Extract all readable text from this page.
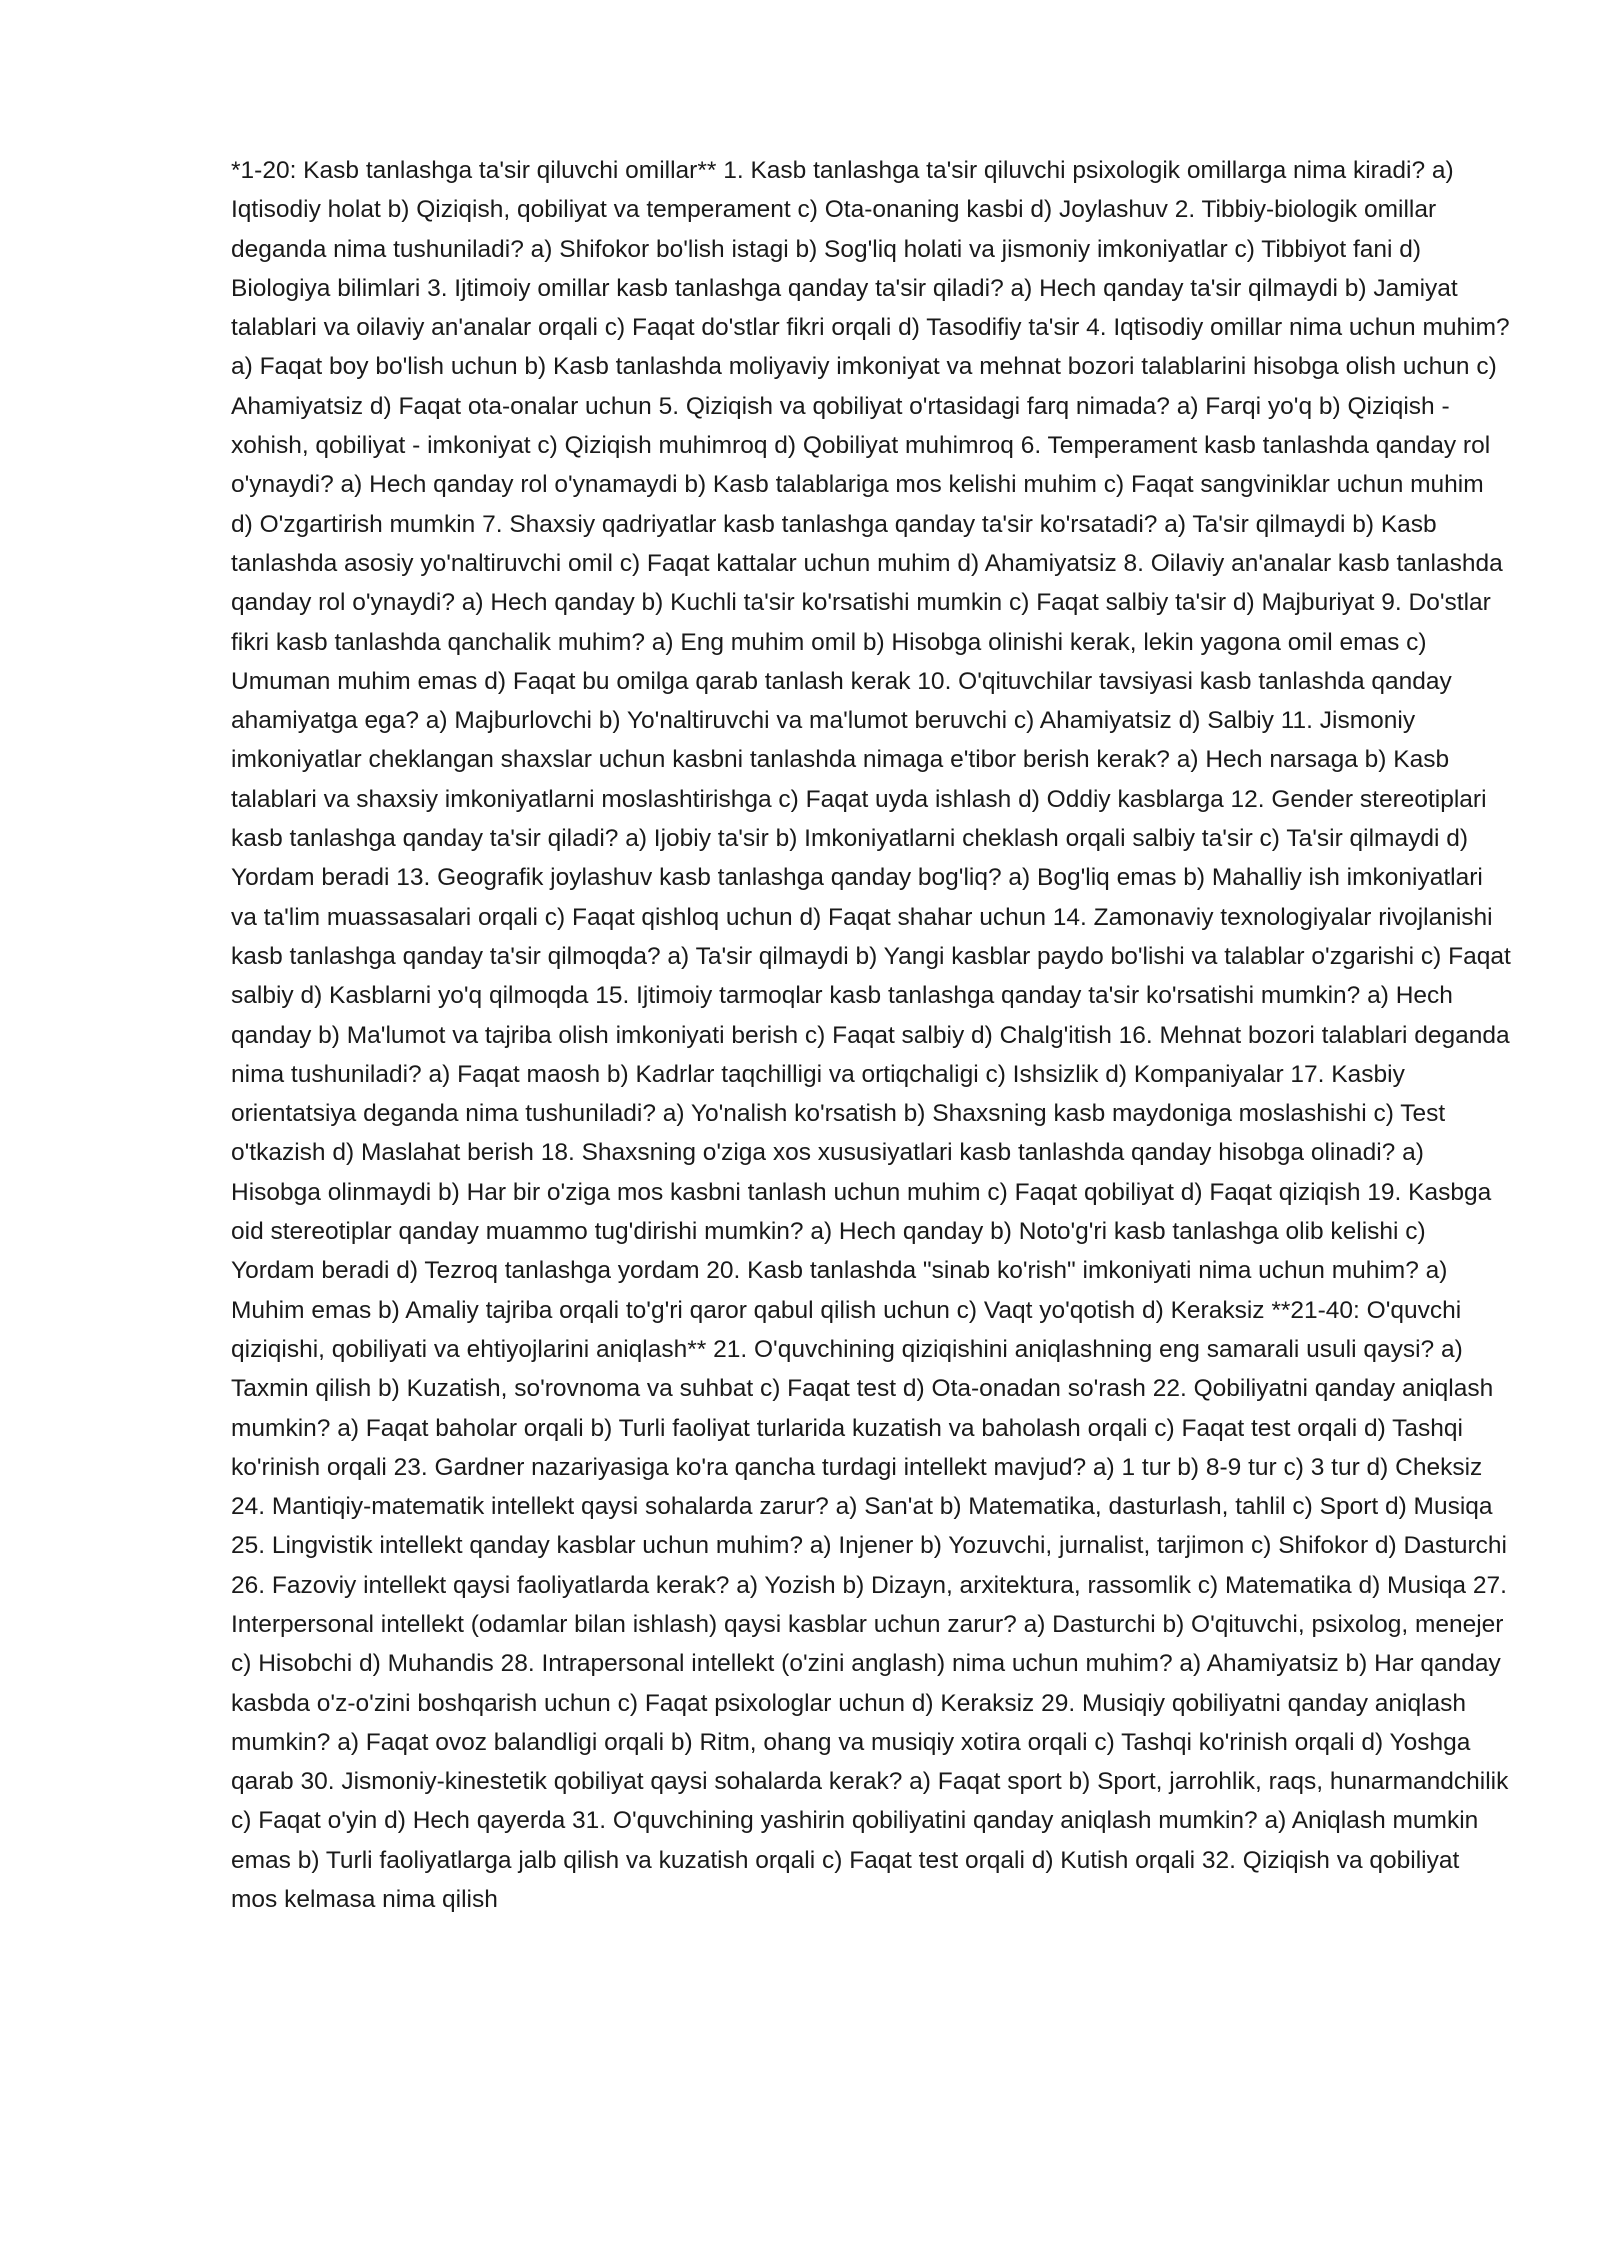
*1-20: Kasb tanlashga ta'sir qiluvchi omillar** 1. Kasb tanlashga ta'sir qiluvchi psixologik omillarga nima kiradi? a) Iqtisodiy holat b) Qiziqish, qobiliyat va temperament c) Ota-onaning kasbi d) Joylashuv 2. Tibbiy-biologik omillar deganda nima tushuniladi? a) Shifokor bo'lish istagi b) Sog'liq holati va jismoniy imkoniyatlar c) Tibbiyot fani d) Biologiya bilimlari 3. Ijtimoiy omillar kasb tanlashga qanday ta'sir qiladi? a) Hech qanday ta'sir qilmaydi b) Jamiyat talablari va oilaviy an'analar orqali c) Faqat do'stlar fikri orqali d) Tasodifiy ta'sir 4. Iqtisodiy omillar nima uchun muhim? a) Faqat boy bo'lish uchun b) Kasb tanlashda moliyaviy imkoniyat va mehnat bozori talablarini hisobga olish uchun c) Ahamiyatsiz d) Faqat ota-onalar uchun 5. Qiziqish va qobiliyat o'rtasidagi farq nimada? a) Farqi yo'q b) Qiziqish - xohish, qobiliyat - imkoniyat c) Qiziqish muhimroq d) Qobiliyat muhimroq 6. Temperament kasb tanlashda qanday rol o'ynaydi? a) Hech qanday rol o'ynamaydi b) Kasb talablariga mos kelishi muhim c) Faqat sangviniklar uchun muhim d) O'zgartirish mumkin 7. Shaxsiy qadriyatlar kasb tanlashga qanday ta'sir ko'rsatadi? a) Ta'sir qilmaydi b) Kasb tanlashda asosiy yo'naltiruvchi omil c) Faqat kattalar uchun muhim d) Ahamiyatsiz 8. Oilaviy an'analar kasb tanlashda qanday rol o'ynaydi? a) Hech qanday b) Kuchli ta'sir ko'rsatishi mumkin c) Faqat salbiy ta'sir d) Majburiyat 9. Do'stlar fikri kasb tanlashda qanchalik muhim? a) Eng muhim omil b) Hisobga olinishi kerak, lekin yagona omil emas c) Umuman muhim emas d) Faqat bu omilga qarab tanlash kerak 10. O'qituvchilar tavsiyasi kasb tanlashda qanday ahamiyatga ega? a) Majburlovchi b) Yo'naltiruvchi va ma'lumot beruvchi c) Ahamiyatsiz d) Salbiy 11. Jismoniy imkoniyatlar cheklangan shaxslar uchun kasbni tanlashda nimaga e'tibor berish kerak? a) Hech narsaga b) Kasb talablari va shaxsiy imkoniyatlarni moslashtirishga c) Faqat uyda ishlash d) Oddiy kasblarga 12. Gender stereotiplari kasb tanlashga qanday ta'sir qiladi? a) Ijobiy ta'sir b) Imkoniyatlarni cheklash orqali salbiy ta'sir c) Ta'sir qilmaydi d) Yordam beradi 13. Geografik joylashuv kasb tanlashga qanday bog'liq? a) Bog'liq emas b) Mahalliy ish imkoniyatlari va ta'lim muassasalari orqali c) Faqat qishloq uchun d) Faqat shahar uchun 14. Zamonaviy texnologiyalar rivojlanishi kasb tanlashga qanday ta'sir qilmoqda? a) Ta'sir qilmaydi b) Yangi kasblar paydo bo'lishi va talablar o'zgarishi c) Faqat salbiy d) Kasblarni yo'q qilmoqda 15. Ijtimoiy tarmoqlar kasb tanlashga qanday ta'sir ko'rsatishi mumkin? a) Hech qanday b) Ma'lumot va tajriba olish imkoniyati berish c) Faqat salbiy d) Chalg'itish 16. Mehnat bozori talablari deganda nima tushuniladi? a) Faqat maosh b) Kadrlar taqchilligi va ortiqchaligi c) Ishsizlik d) Kompaniyalar 17. Kasbiy orientatsiya deganda nima tushuniladi? a) Yo'nalish ko'rsatish b) Shaxsning kasb maydoniga moslashishi c) Test o'tkazish d) Maslahat berish 18. Shaxsning o'ziga xos xususiyatlari kasb tanlashda qanday hisobga olinadi? a) Hisobga olinmaydi b) Har bir o'ziga mos kasbni tanlash uchun muhim c) Faqat qobiliyat d) Faqat qiziqish 19. Kasbga oid stereotiplar qanday muammo tug'dirishi mumkin? a) Hech qanday b) Noto'g'ri kasb tanlashga olib kelishi c) Yordam beradi d) Tezroq tanlashga yordam 20. Kasb tanlashda "sinab ko'rish" imkoniyati nima uchun muhim? a) Muhim emas b) Amaliy tajriba orqali to'g'ri qaror qabul qilish uchun c) Vaqt yo'qotish d) Keraksiz **21-40: O'quvchi qiziqishi, qobiliyati va ehtiyojlarini aniqlash** 21. O'quvchining qiziqishini aniqlashning eng samarali usuli qaysi? a) Taxmin qilish b) Kuzatish, so'rovnoma va suhbat c) Faqat test d) Ota-onadan so'rash 22. Qobiliyatni qanday aniqlash mumkin? a) Faqat baholar orqali b) Turli faoliyat turlarida kuzatish va baholash orqali c) Faqat test orqali d) Tashqi ko'rinish orqali 23. Gardner nazariyasiga ko'ra qancha turdagi intellekt mavjud? a) 1 tur b) 8-9 tur c) 3 tur d) Cheksiz 24. Mantiqiy-matematik intellekt qaysi sohalarda zarur? a) San'at b) Matematika, dasturlash, tahlil c) Sport d) Musiqa 25. Lingvistik intellekt qanday kasblar uchun muhim? a) Injener b) Yozuvchi, jurnalist, tarjimon c) Shifokor d) Dasturchi 26. Fazoviy intellekt qaysi faoliyatlarda kerak? a) Yozish b) Dizayn, arxitektura, rassomlik c) Matematika d) Musiqa 27. Interpersonal intellekt (odamlar bilan ishlash) qaysi kasblar uchun zarur? a) Dasturchi b) O'qituvchi, psixolog, menejer c) Hisobchi d) Muhandis 28. Intrapersonal intellekt (o'zini anglash) nima uchun muhim? a) Ahamiyatsiz b) Har qanday kasbda o'z-o'zini boshqarish uchun c) Faqat psixologlar uchun d) Keraksiz 29. Musiqiy qobiliyatni qanday aniqlash mumkin? a) Faqat ovoz balandligi orqali b) Ritm, ohang va musiqiy xotira orqali c) Tashqi ko'rinish orqali d) Yoshga qarab 30. Jismoniy-kinestetik qobiliyat qaysi sohalarda kerak? a) Faqat sport b) Sport, jarrohlik, raqs, hunarmandchilik c) Faqat o'yin d) Hech qayerda 31. O'quvchining yashirin qobiliyatini qanday aniqlash mumkin? a) Aniqlash mumkin emas b) Turli faoliyatlarga jalb qilish va kuzatish orqali c) Faqat test orqali d) Kutish orqali 32. Qiziqish va qobiliyat mos kelmasa nima qilish
